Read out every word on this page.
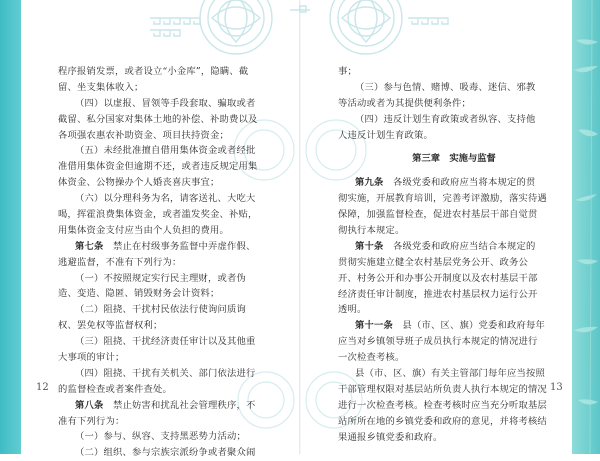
程序报销发票，或者设立“小金库”，隐瞒、截
留、坐支集体收入；
（四）以虚报、冒领等手段套取、骗取或者
截留、私分国家对集体土地的补偿、补助费以及
各项强农惠农补助资金、项目扶持资金；
（五）未经批准擅自借用集体资金或者经批
准借用集体资金但逾期不还，或者违反规定用集
体资金、公物操办个人婚丧喜庆事宜；
（六）以分理科务为名，请客送礼、大吃大
喝，挥霍浪费集体资金，或者滥发奖金、补贴，
用集体资金支付应当由个人负担的费用。
第七条　 禁止在村级事务监督中弄虚作假、
逃避监督，不准有下列行为：
（一）不按照规定实行民主理财，或者伪
造、变造、隐匿、销毁财务会计资料；
（二）阻挠、干扰村民依法行使询问质询
权、罢免权等监督权利；
（三）阻挠、干扰经济责任审计以及其他重
大事项的审计；
（四）阻挠、干扰有关机关、部门依法进行
的监督检查或者案件查处。
第八条　 禁止妨害和扰乱社会管理秩序，不
准有下列行为：
（一）参与、纵容、支持黑恶势力活动；
（二）组织、参与宗族宗派纷争或者聚众闹
事；
（三）参与色情、赌博、吸毒、迷信、邪教
等活动或者为其提供便利条件；
（四）违反计划生育政策或者纵容、支持他
人违反计划生育政策。
第三章　实施与监督
第九条　 各级党委和政府应当将本规定的贯
彻实施，开展教育培训，完善考评激励，落实待遇
保障，加强监督检查，促进农村基层干部自觉贯
彻执行本规定。
第十条　 各级党委和政府应当结合本规定的
贯彻实施建立健全农村基层党务公开、政务公
开、村务公开和办事公开制度以及农村基层干部
经济责任审计制度，推进农村基层权力运行公开
透明。
第十一条　 县（市、区、旗）党委和政府每年
应当对乡镇领导班子成员执行本规定的情况进行
一次检查考核。
县（市、区、旗）有关主管部门每年应当按照
干部管理权限对基层站所负责人执行本规定的情况
进行一次检查考核。检查考核时应当充分听取基层
站所所在地的乡镇党委和政府的意见，并将考核结
果通报乡镇党委和政府。
12	13
